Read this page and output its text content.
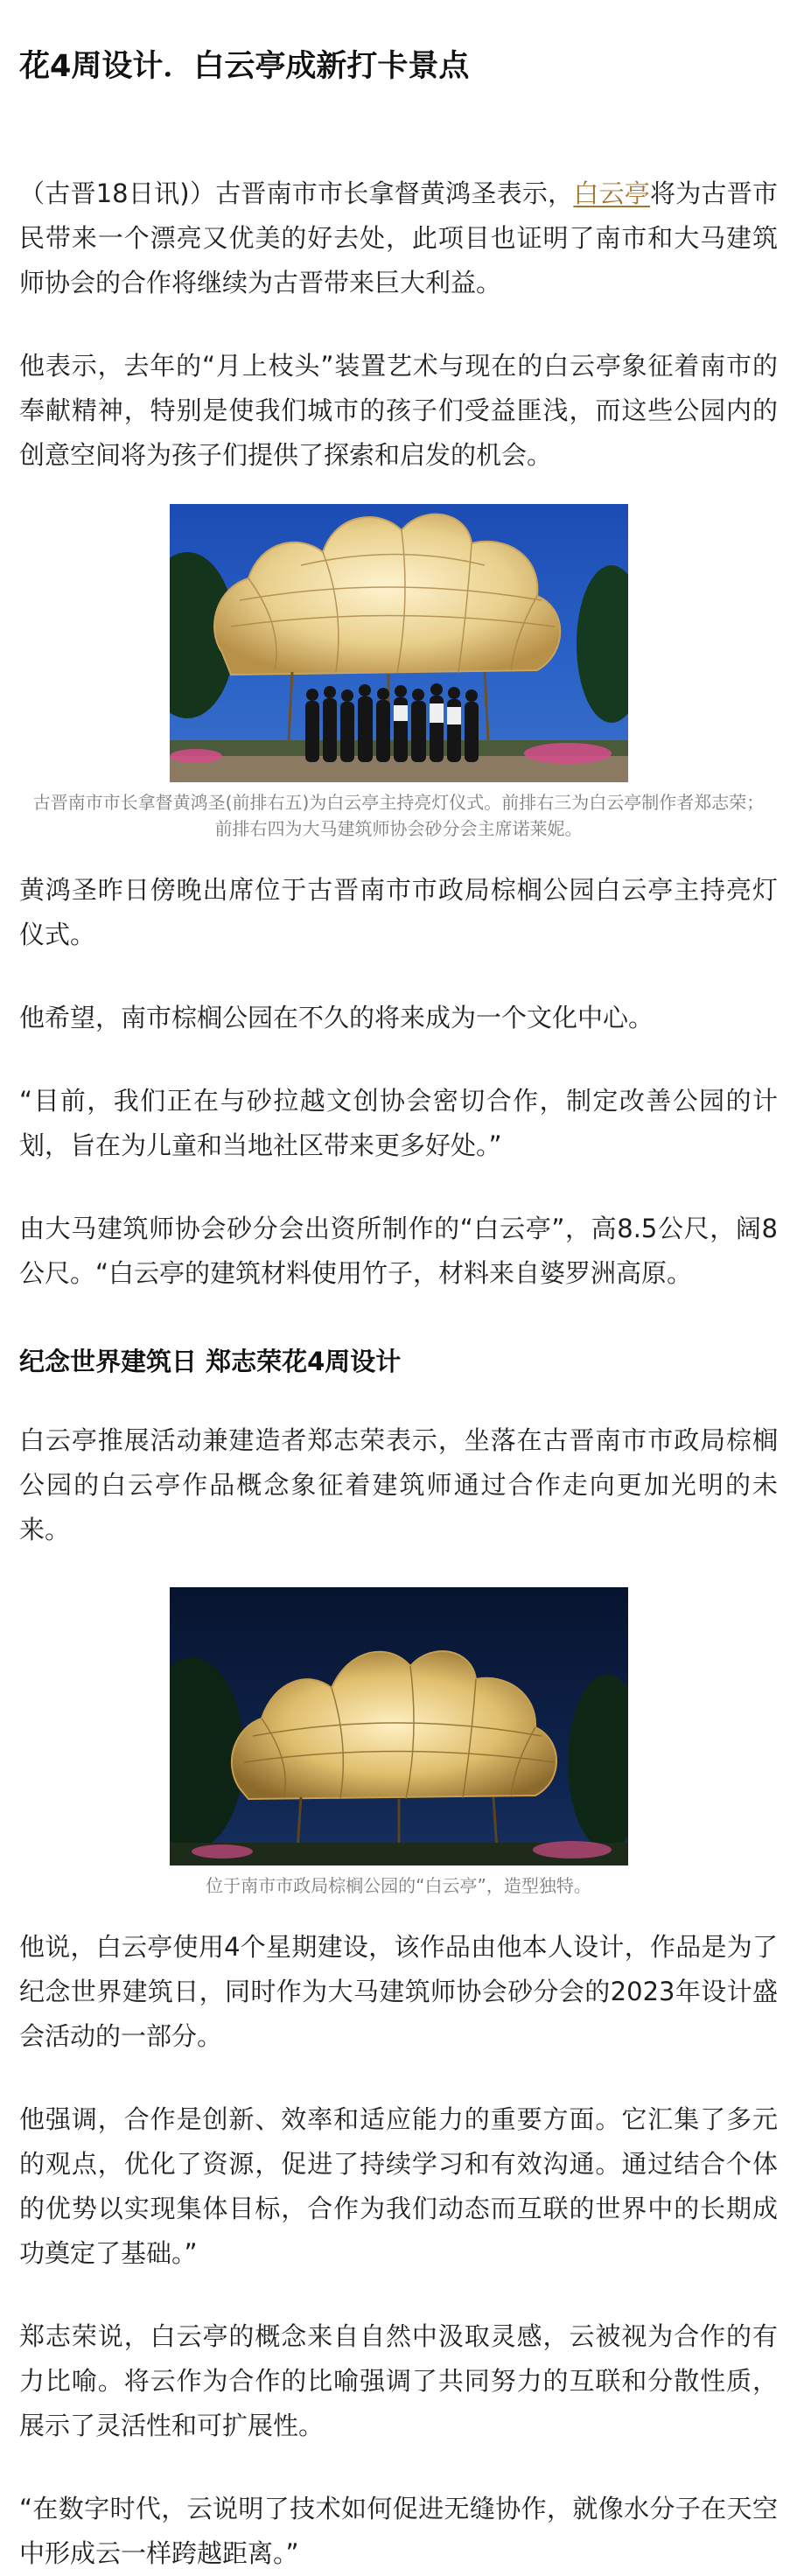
花4周设计．白云亭成新打卡景点

（古晋18日讯)）古晋南市市长拿督黄鸿圣表示，白云亭将为古晋市民带来一个漂亮又优美的好去处，此项目也证明了南市和大马建筑师协会的合作将继续为古晋带来巨大利益。

他表示，去年的“月上枝头”装置艺术与现在的白云亭象征着南市的奉献精神，特别是使我们城市的孩子们受益匪浅，而这些公园内的创意空间将为孩子们提供了探索和启发的机会。

古晋南市市长拿督黄鸿圣(前排右五)为白云亭主持亮灯仪式。前排右三为白云亭制作者郑志荣；前排右四为大马建筑师协会砂分会主席诺莱妮。

黄鸿圣昨日傍晚出席位于古晋南市市政局棕榈公园白云亭主持亮灯仪式。

他希望，南市棕榈公园在不久的将来成为一个文化中心。

“目前，我们正在与砂拉越文创协会密切合作，制定改善公园的计划，旨在为儿童和当地社区带来更多好处。”

由大马建筑师协会砂分会出资所制作的“白云亭”，高8.5公尺，阔8公尺。“白云亭的建筑材料使用竹子，材料来自婆罗洲高原。

纪念世界建筑日 郑志荣花4周设计

白云亭推展活动兼建造者郑志荣表示，坐落在古晋南市市政局棕榈公园的白云亭作品概念象征着建筑师通过合作走向更加光明的未来。

位于南市市政局棕榈公园的“白云亭”，造型独特。

他说，白云亭使用4个星期建设，该作品由他本人设计，作品是为了纪念世界建筑日，同时作为大马建筑师协会砂分会的2023年设计盛会活动的一部分。

他强调，合作是创新、效率和适应能力的重要方面。它汇集了多元的观点，优化了资源，促进了持续学习和有效沟通。通过结合个体的优势以实现集体目标，合作为我们动态而互联的世界中的长期成功奠定了基础。”

郑志荣说，白云亭的概念来自自然中汲取灵感，云被视为合作的有力比喻。将云作为合作的比喻强调了共同努力的互联和分散性质，展示了灵活性和可扩展性。

“在数字时代，云说明了技术如何促进无缝协作，就像水分子在天空中形成云一样跨越距离。”
